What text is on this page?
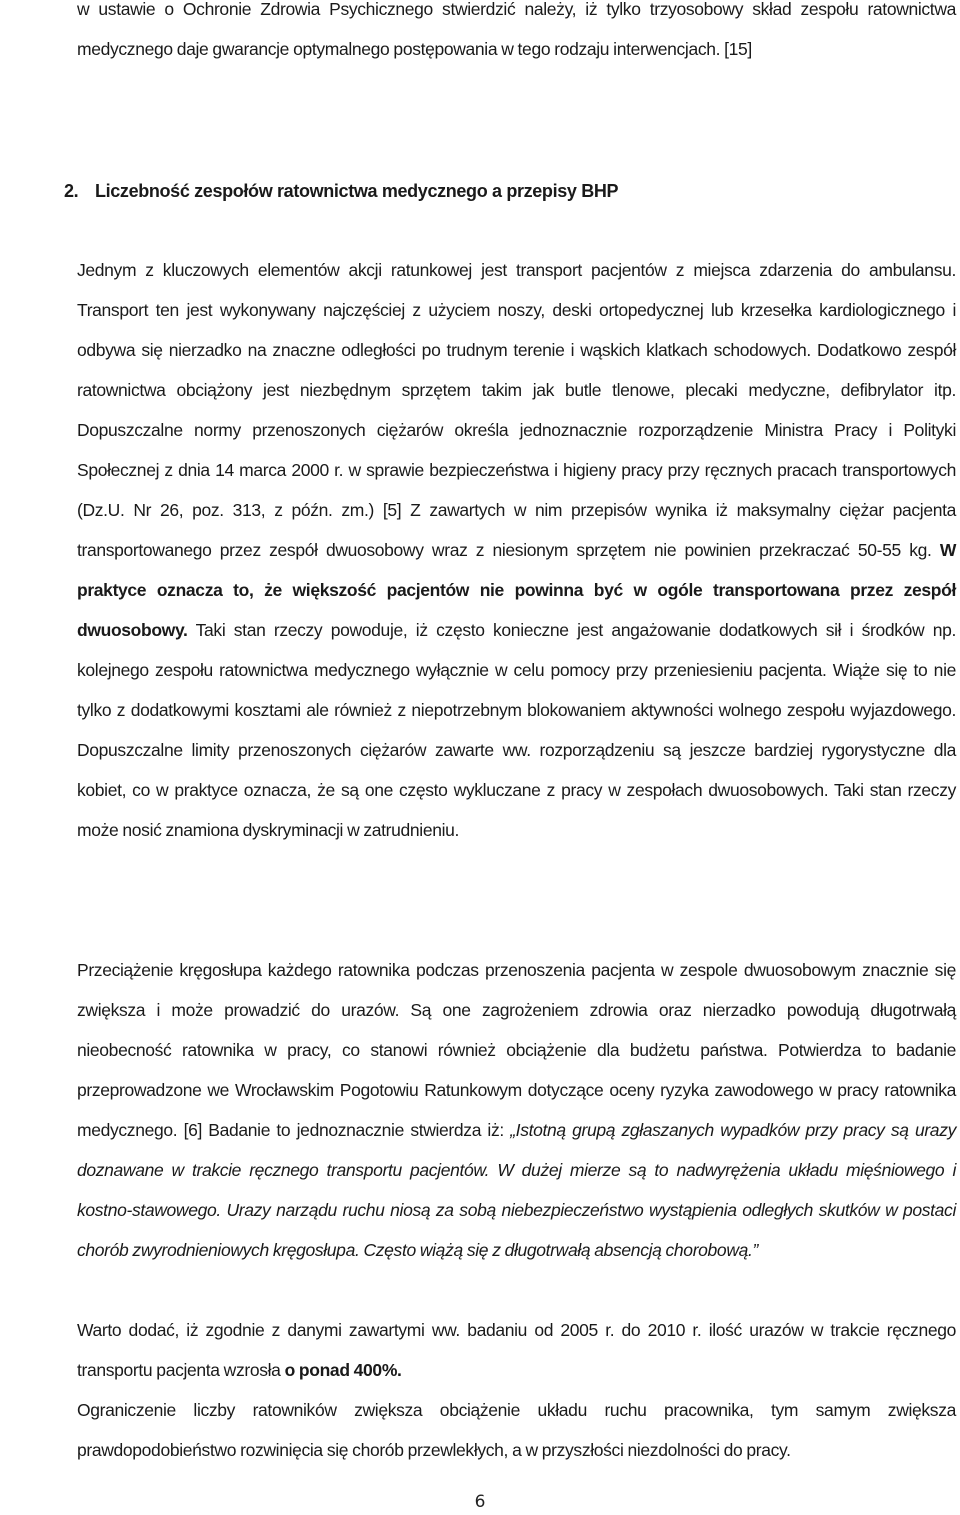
w ustawie o Ochronie Zdrowia Psychicznego stwierdzić należy, iż tylko trzyosobowy skład zespołu ratownictwa medycznego daje gwarancje optymalnego postępowania w tego rodzaju interwencjach. [15]

2. Liczebność zespołów ratownictwa medycznego a przepisy BHP

Jednym z kluczowych elementów akcji ratunkowej jest transport pacjentów z miejsca zdarzenia do ambulansu. Transport ten jest wykonywany najczęściej z użyciem noszy, deski ortopedycznej lub krzesełka kardiologicznego i odbywa się nierzadko na znaczne odległości po trudnym terenie i wąskich klatkach schodowych. Dodatkowo zespół ratownictwa obciążony jest niezbędnym sprzętem takim jak butle tlenowe, plecaki medyczne, defibrylator itp. Dopuszczalne normy przenoszonych ciężarów określa jednoznacznie rozporządzenie Ministra Pracy i Polityki Społecznej z dnia 14 marca 2000 r. w sprawie bezpieczeństwa i higieny pracy przy ręcznych pracach transportowych (Dz.U. Nr 26, poz. 313, z późn. zm.) [5] Z zawartych w nim przepisów wynika iż maksymalny ciężar pacjenta transportowanego przez zespół dwuosobowy wraz z niesionym sprzętem nie powinien przekraczać 50-55 kg. W praktyce oznacza to, że większość pacjentów nie powinna być w ogóle transportowana przez zespół dwuosobowy. Taki stan rzeczy powoduje, iż często konieczne jest angażowanie dodatkowych sił i środków np. kolejnego zespołu ratownictwa medycznego wyłącznie w celu pomocy przy przeniesieniu pacjenta. Wiąże się to nie tylko z dodatkowymi kosztami ale również z niepotrzebnym blokowaniem aktywności wolnego zespołu wyjazdowego. Dopuszczalne limity przenoszonych ciężarów zawarte ww. rozporządzeniu są jeszcze bardziej rygorystyczne dla kobiet, co w praktyce oznacza, że są one często wykluczane z pracy w zespołach dwuosobowych. Taki stan rzeczy może nosić znamiona dyskryminacji w zatrudnieniu.

Przeciążenie kręgosłupa każdego ratownika podczas przenoszenia pacjenta w zespole dwuosobowym znacznie się zwiększa i może prowadzić do urazów. Są one zagrożeniem zdrowia oraz nierzadko powodują długotrwałą nieobecność ratownika w pracy, co stanowi również obciążenie dla budżetu państwa. Potwierdza to badanie przeprowadzone we Wrocławskim Pogotowiu Ratunkowym dotyczące oceny ryzyka zawodowego w pracy ratownika medycznego. [6] Badanie to jednoznacznie stwierdza iż: „Istotną grupą zgłaszanych wypadków przy pracy są urazy doznawane w trakcie ręcznego transportu pacjentów. W dużej mierze są to nadwyrężenia układu mięśniowego i kostno-stawowego. Urazy narządu ruchu niosą za sobą niebezpieczeństwo wystąpienia odległych skutków w postaci chorób zwyrodnieniowych kręgosłupa. Często wiążą się z długotrwałą absencją chorobową.”

Warto dodać, iż zgodnie z danymi zawartymi ww. badaniu od 2005 r. do 2010 r. ilość urazów w trakcie ręcznego transportu pacjenta wzrosła o ponad 400%.

Ograniczenie liczby ratowników zwiększa obciążenie układu ruchu pracownika, tym samym zwiększa prawdopodobieństwo rozwinięcia się chorób przewlekłych, a w przyszłości niezdolności do pracy.

6
